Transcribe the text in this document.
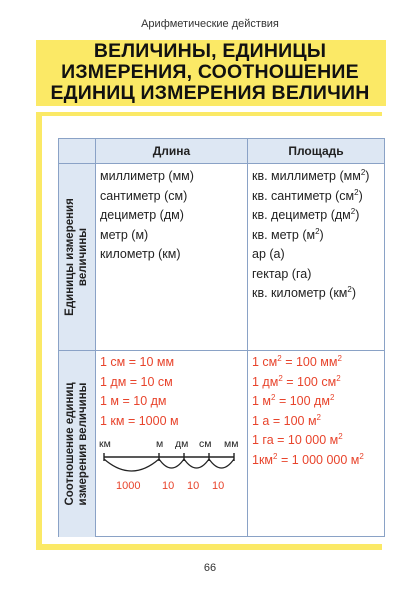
Арифметические действия
ВЕЛИЧИНЫ, ЕДИНИЦЫ
ИЗМЕРЕНИЯ, СООТНОШЕНИЕ
ЕДИНИЦ ИЗМЕРЕНИЯ ВЕЛИЧИН
Длина	Площадь
Единицы измерения величины
Соотношение единиц измерения величины
миллиметр (мм)
сантиметр (см)
дециметр (дм)
метр (м)
километр (км)
кв. миллиметр $(мм^2)$
кв. сантиметр $(см^2)$
кв. дециметр $(дм^2)$
кв. метр $(м^2)$
ар (а)
гектар (га)
кв. километр $(км^2)$
1 см = 10 мм
1 дм = 10 см
1 м = 10 дм
1 км = 1000 м
1 $см^2 = 100$ $мм^2$
1 $дм^2 = 100$ $см^2$
1 $м^2 = 100$ $дм^2$
1 а = 100 $м^2$
1 га = 10 000 $м^2$
$1км^2 = 1$ 000 000 $м^2$
км	м дм см мм
1000 10 10 10
66
